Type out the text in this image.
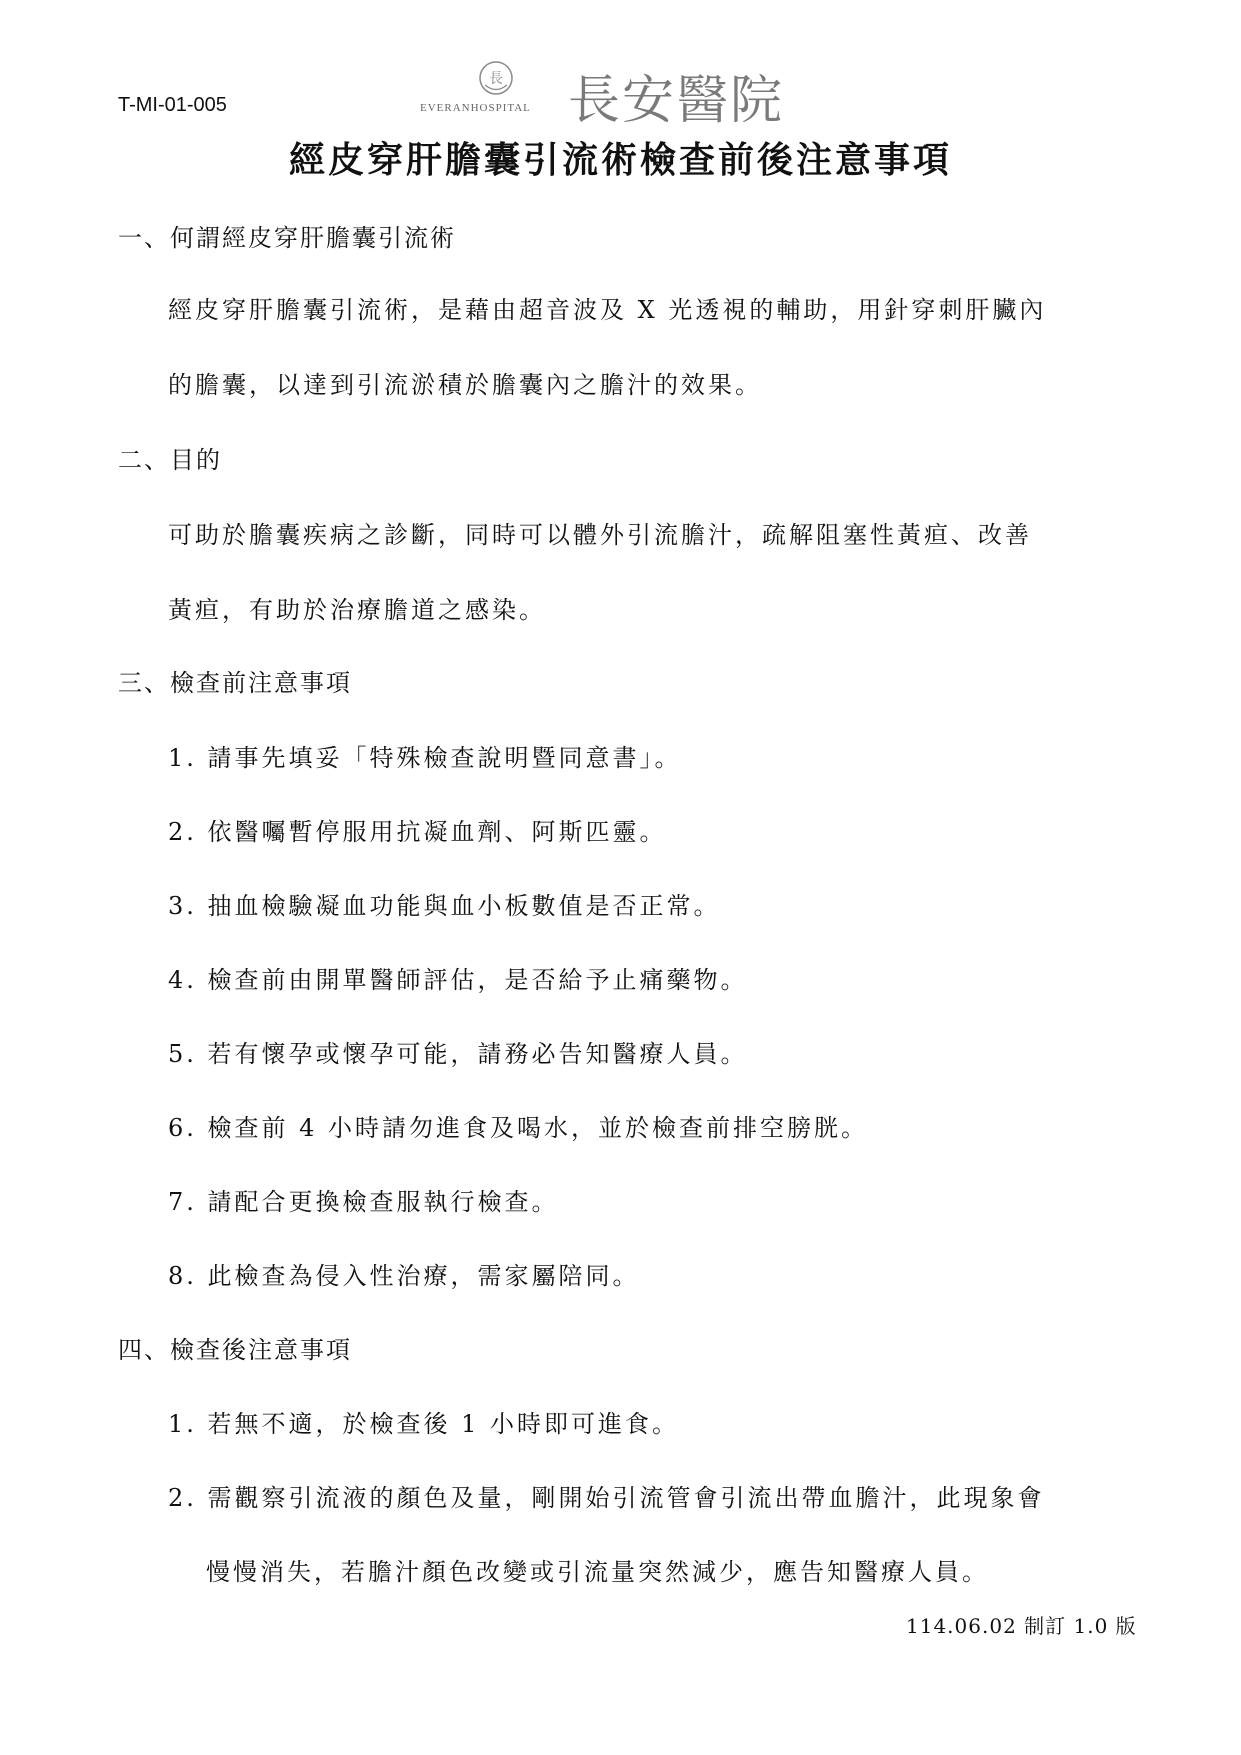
T-MI-01-005
長
EVERANHOSPITAL 長安醫院
經皮穿肝膽囊引流術檢查前後注意事項
一、何謂經皮穿肝膽囊引流術
經皮穿肝膽囊引流術，是藉由超音波及 X 光透視的輔助，用針穿刺肝臟內
的膽囊，以達到引流淤積於膽囊內之膽汁的效果。
二、目的
可助於膽囊疾病之診斷，同時可以體外引流膽汁，疏解阻塞性黃疸、改善
黃疸，有助於治療膽道之感染。
三、檢查前注意事項
1. 請事先填妥「特殊檢查說明暨同意書」。
2. 依醫囑暫停服用抗凝血劑、阿斯匹靈。
3. 抽血檢驗凝血功能與血小板數值是否正常。
4. 檢查前由開單醫師評估，是否給予止痛藥物。
5. 若有懷孕或懷孕可能，請務必告知醫療人員。
6. 檢查前 4 小時請勿進食及喝水，並於檢查前排空膀胱。
7. 請配合更換檢查服執行檢查。
8. 此檢查為侵入性治療，需家屬陪同。
四、檢查後注意事項
1. 若無不適，於檢查後 1 小時即可進食。
2. 需觀察引流液的顏色及量，剛開始引流管會引流出帶血膽汁，此現象會
慢慢消失，若膽汁顏色改變或引流量突然減少，應告知醫療人員。
114.06.02 制訂 1.0 版
